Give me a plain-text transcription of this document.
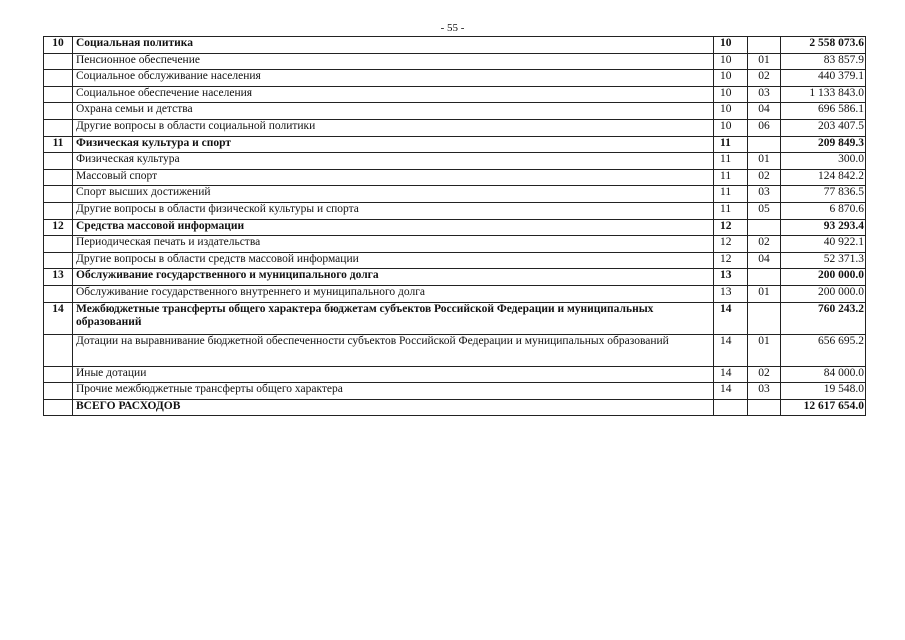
- 55 -
10	Социальная политика	10		2 558 073.6
	Пенсионное обеспечение	10	01	83 857.9
	Социальное обслуживание населения	10	02	440 379.1
	Социальное обеспечение населения	10	03	1 133 843.0
	Охрана семьи и детства	10	04	696 586.1
	Другие вопросы в области социальной политики	10	06	203 407.5
11	Физическая культура и спорт	11		209 849.3
	Физическая культура	11	01	300.0
	Массовый спорт	11	02	124 842.2
	Спорт высших достижений	11	03	77 836.5
	Другие вопросы в области физической культуры и спорта	11	05	6 870.6
12	Средства массовой информации	12		93 293.4
	Периодическая печать и издательства	12	02	40 922.1
	Другие вопросы в области средств массовой информации	12	04	52 371.3
13	Обслуживание государственного и муниципального долга	13		200 000.0
	Обслуживание государственного внутреннего и муниципального долга	13	01	200 000.0
14	Межбюджетные трансферты общего характера бюджетам субъектов Российской Федерации и муниципальных образований	14		760 243.2
	Дотации на выравнивание бюджетной обеспеченности субъектов Российской Федерации и муниципальных образований	14	01	656 695.2
	Иные дотации	14	02	84 000.0
	Прочие межбюджетные трансферты общего характера	14	03	19 548.0
	ВСЕГО РАСХОДОВ			12 617 654.0
